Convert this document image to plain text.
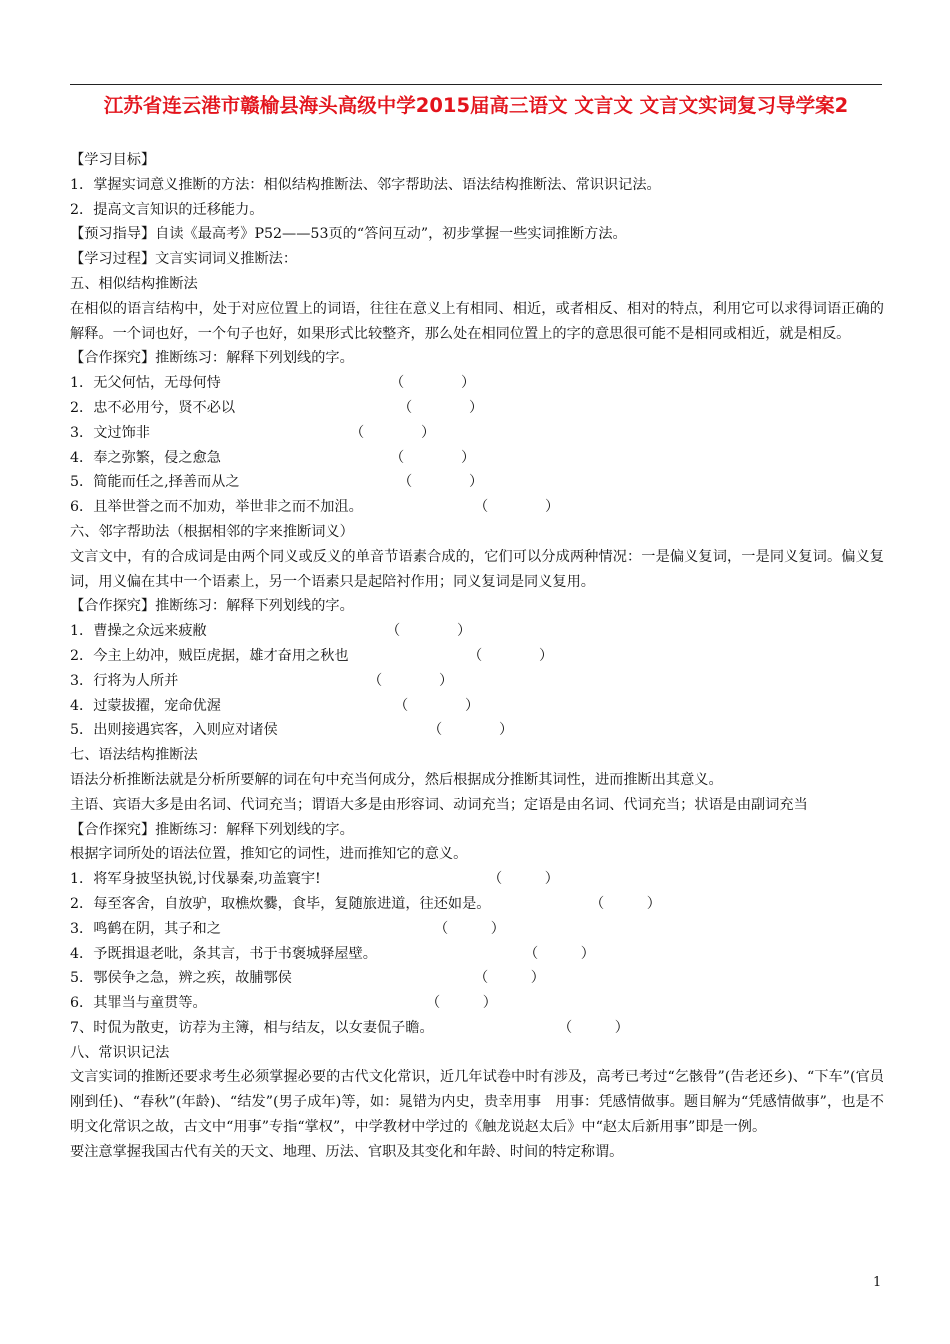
江苏省连云港市赣榆县海头高级中学2015届高三语文 文言文 文言文实词复习导学案2
【学习目标】
1．掌握实词意义推断的方法：相似结构推断法、邻字帮助法、语法结构推断法、常识识记法。
2．提高文言知识的迁移能力。
【预习指导】自读《最高考》P52——53页的“答问互动”，初步掌握一些实词推断方法。
【学习过程】文言实词词义推断法：
五、相似结构推断法
在相似的语言结构中，处于对应位置上的词语，往往在意义上有相同、相近，或者相反、相对的特点，利用它可以求得词语正确的解释。一个词也好，一个句子也好，如果形式比较整齐，那么处在相同位置上的字的意思很可能不是相同或相近，就是相反。
【合作探究】推断练习：解释下列划线的字。
1．无父何怙，无母何恃	（　　　　）
2．忠不必用兮，贤不必以	（　　　　）
3．文过饰非	（　　　　）
4．奉之弥繁，侵之愈急	（　　　　）
5．简能而任之,择善而从之	（　　　　）
6．且举世誉之而不加劝，举世非之而不加沮。	（　　　　）
六、邻字帮助法（根据相邻的字来推断词义）
文言文中，有的合成词是由两个同义或反义的单音节语素合成的，它们可以分成两种情况：一是偏义复词，一是同义复词。偏义复词，用义偏在其中一个语素上，另一个语素只是起陪衬作用；同义复词是同义复用。
【合作探究】推断练习：解释下列划线的字。
1．曹操之众远来疲敝	（　　　　）
2．今主上幼冲，贼臣虎据，雄才奋用之秋也	（　　　　）
3．行将为人所并	（　　　　）
4．过蒙拔擢，宠命优渥	（　　　　）
5．出则接遇宾客，入则应对诸侯	（　　　　）
七、语法结构推断法
语法分析推断法就是分析所要解的词在句中充当何成分，然后根据成分推断其词性，进而推断出其意义。
主语、宾语大多是由名词、代词充当；谓语大多是由形容词、动词充当；定语是由名词、代词充当；状语是由副词充当
【合作探究】推断练习：解释下列划线的字。
根据字词所处的语法位置，推知它的词性，进而推知它的意义。
1．将军身披坚执锐,讨伐暴秦,功盖寰宇!	（　　　）
2．每至客舍，自放驴，取樵炊爨，食毕，复随旅进道，往还如是。	（　　　）
3．鸣鹤在阴，其子和之	（　　　）
4．予既揖退老吡，条其言，书于书褒城驿屋壁。	（　　　）
5．鄂侯争之急，辨之疾，故脯鄂侯	（　　　）
6．其罪当与童贯等。	（　　　）
7、时侃为散吏，访荐为主簿，相与结友，以女妻侃子瞻。	（　　　）
八、常识识记法
文言实词的推断还要求考生必须掌握必要的古代文化常识，近几年试卷中时有涉及，高考已考过“乞骸骨”(告老还乡)、“下车”(官员刚到任)、“春秋”(年龄)、“结发”(男子成年)等，如：晁错为内史，贵幸用事　用事：凭感情做事。题目解为“凭感情做事”，也是不明文化常识之故，古文中“用事”专指“掌权”，中学教材中学过的《触龙说赵太后》中“赵太后新用事”即是一例。
要注意掌握我国古代有关的天文、地理、历法、官职及其变化和年龄、时间的特定称谓。
1
